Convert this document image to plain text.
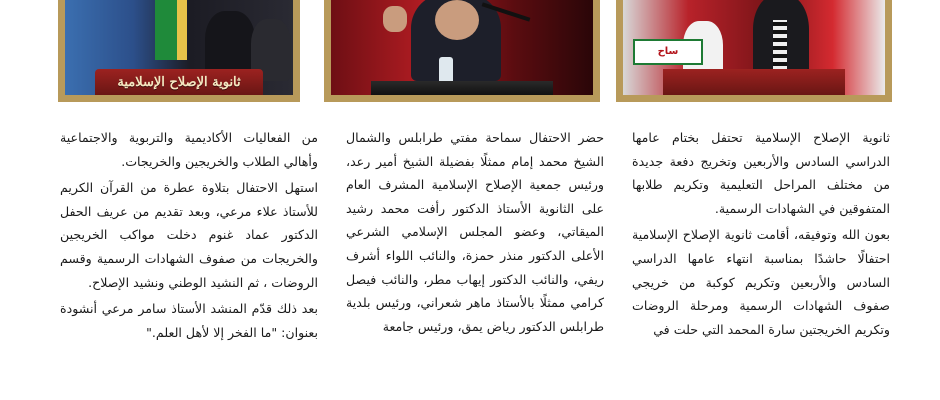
ثانوية الإصلاح الإسلامية
ساح

ثانوية الإصلاح الإسلامية تحتفل بختام عامها الدراسي السادس والأربعين وتخريج دفعة جديدة من مختلف المراحل التعليمية وتكريم طلابها المتفوقين في الشهادات الرسمية.

بعون الله وتوفيقه، أقامت ثانوية الإصلاح الإسلامية احتفالًا حاشدًا بمناسبة انتهاء عامها الدراسي السادس والأربعين وتكريم كوكبة من خريجي صفوف الشهادات الرسمية ومرحلة الروضات وتكريم الخريجتين سارة المحمد التي حلت في

حضر الاحتفال سماحة مفتي طرابلس والشمال الشيخ محمد إمام ممثلًا بفضيلة الشيخ أمير رعد، ورئيس جمعية الإصلاح الإسلامية المشرف العام على الثانوية الأستاذ الدكتور رأفت محمد رشيد الميقاتي، وعضو المجلس الإسلامي الشرعي الأعلى الدكتور منذر حمزة، والنائب اللواء أشرف ريفي، والنائب الدكتور إيهاب مطر، والنائب فيصل كرامي ممثلًا بالأستاذ ماهر شعراني، ورئيس بلدية طرابلس الدكتور رياض يمق، ورئيس جامعة

من الفعاليات الأكاديمية والتربوية والاجتماعية وأهالي الطلاب والخريجين والخريجات.

استهل الاحتفال بتلاوة عطرة من القرآن الكريم للأستاذ علاء مرعي، وبعد تقديم من عريف الحفل الدكتور عماد غنوم دخلت مواكب الخريجين والخريجات من صفوف الشهادات الرسمية وقسم الروضات ، ثم النشيد الوطني ونشيد الإصلاح.

بعد ذلك قدّم المنشد الأستاذ سامر مرعي أنشودة بعنوان: "ما الفخر إلا لأهل العلم."
